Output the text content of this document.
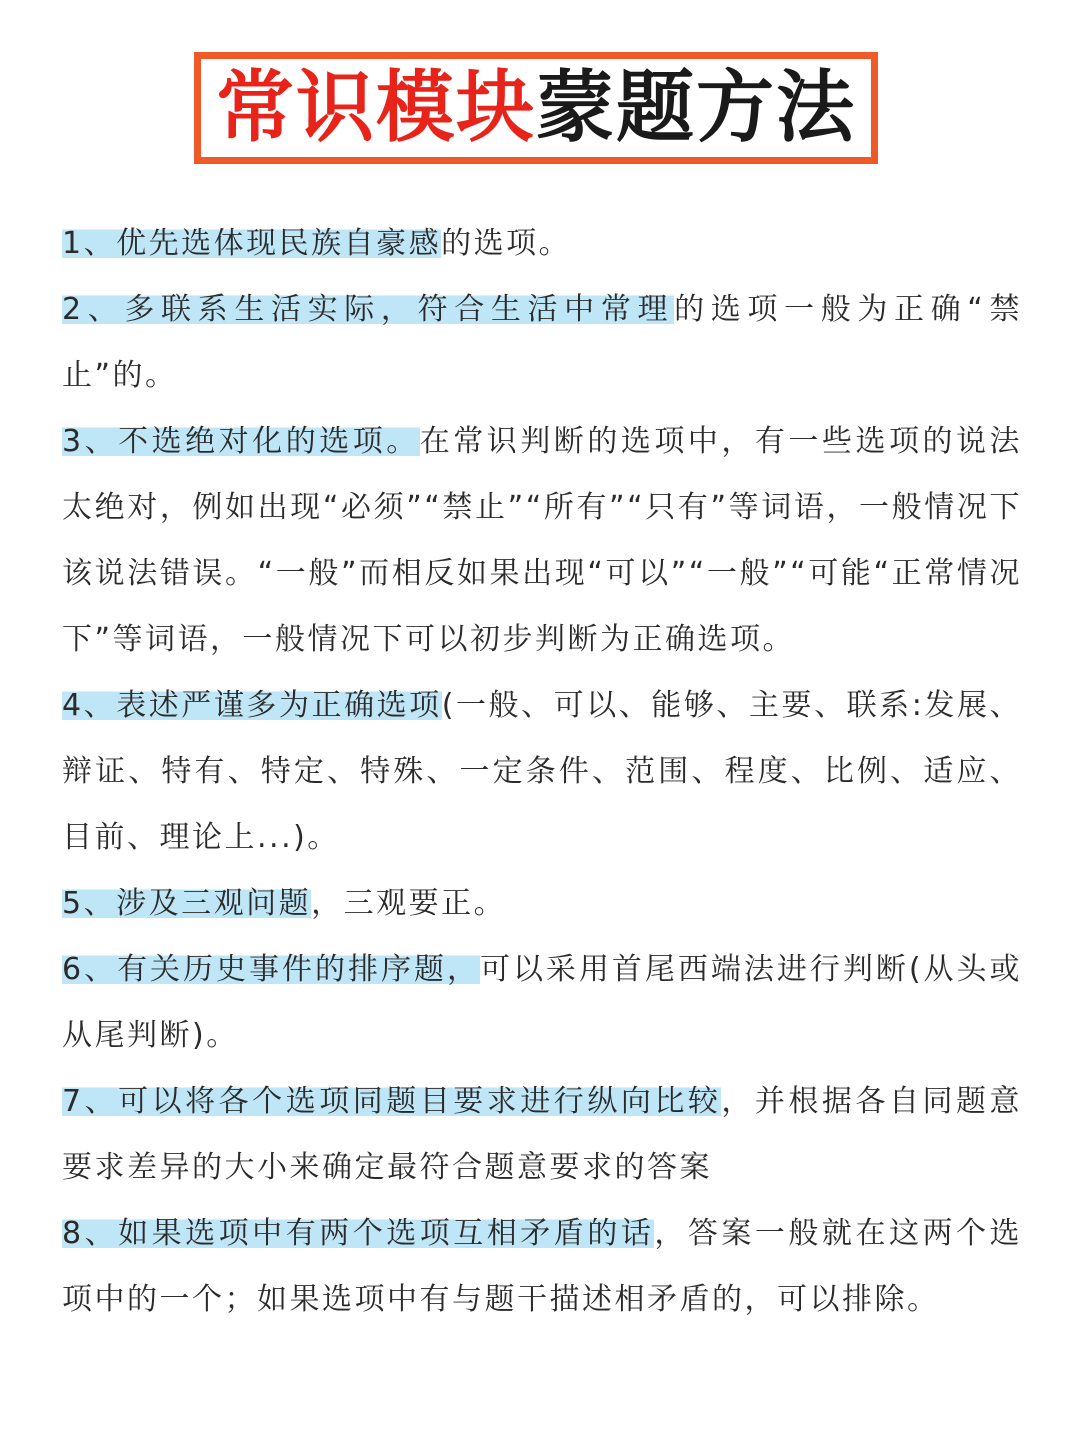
常识模块 蒙题方法

1、优先选体现民族自豪感的选项。

2、多联系生活实际，符合生活中常理的选项一般为正确“禁止”的。

3、不选绝对化的选项。在常识判断的选项中，有一些选项的说法太绝对，例如出现“必须”“禁止”“所有”“只有”等词语，一般情况下该说法错误。“一般”而相反如果出现“可以”“一般”“可能“正常情况下”等词语，一般情况下可以初步判断为正确选项。

4、表述严谨多为正确选项(一般、可以、能够、主要、联系:发展、辩证、特有、特定、特殊、一定条件、范围、程度、比例、适应、目前、理论上...)。

5、涉及三观问题，三观要正。

6、有关历史事件的排序题，可以采用首尾西端法进行判断(从头或从尾判断)。

7、可以将各个选项同题目要求进行纵向比较，并根据各自同题意要求差异的大小来确定最符合题意要求的答案

8、如果选项中有两个选项互相矛盾的话，答案一般就在这两个选项中的一个；如果选项中有与题干描述相矛盾的，可以排除。
